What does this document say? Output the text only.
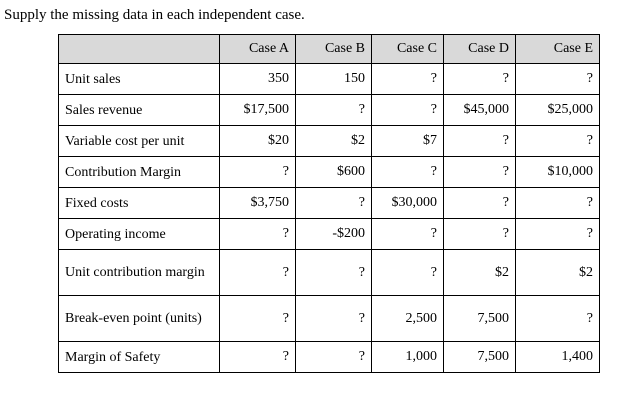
Supply the missing data in each independent case.
	Case A	Case B	Case C	Case D	Case E
Unit sales	350	150	?	?	?
Sales revenue	$17,500	?	?	$45,000	$25,000
Variable cost per unit	$20	$2	$7	?	?
Contribution Margin	?	$600	?	?	$10,000
Fixed costs	$3,750	?	$30,000	?	?
Operating income	?	-$200	?	?	?
Unit contribution margin	?	?	?	$2	$2
Break-even point (units)	?	?	2,500	7,500	?
Margin of Safety	?	?	1,000	7,500	1,400
